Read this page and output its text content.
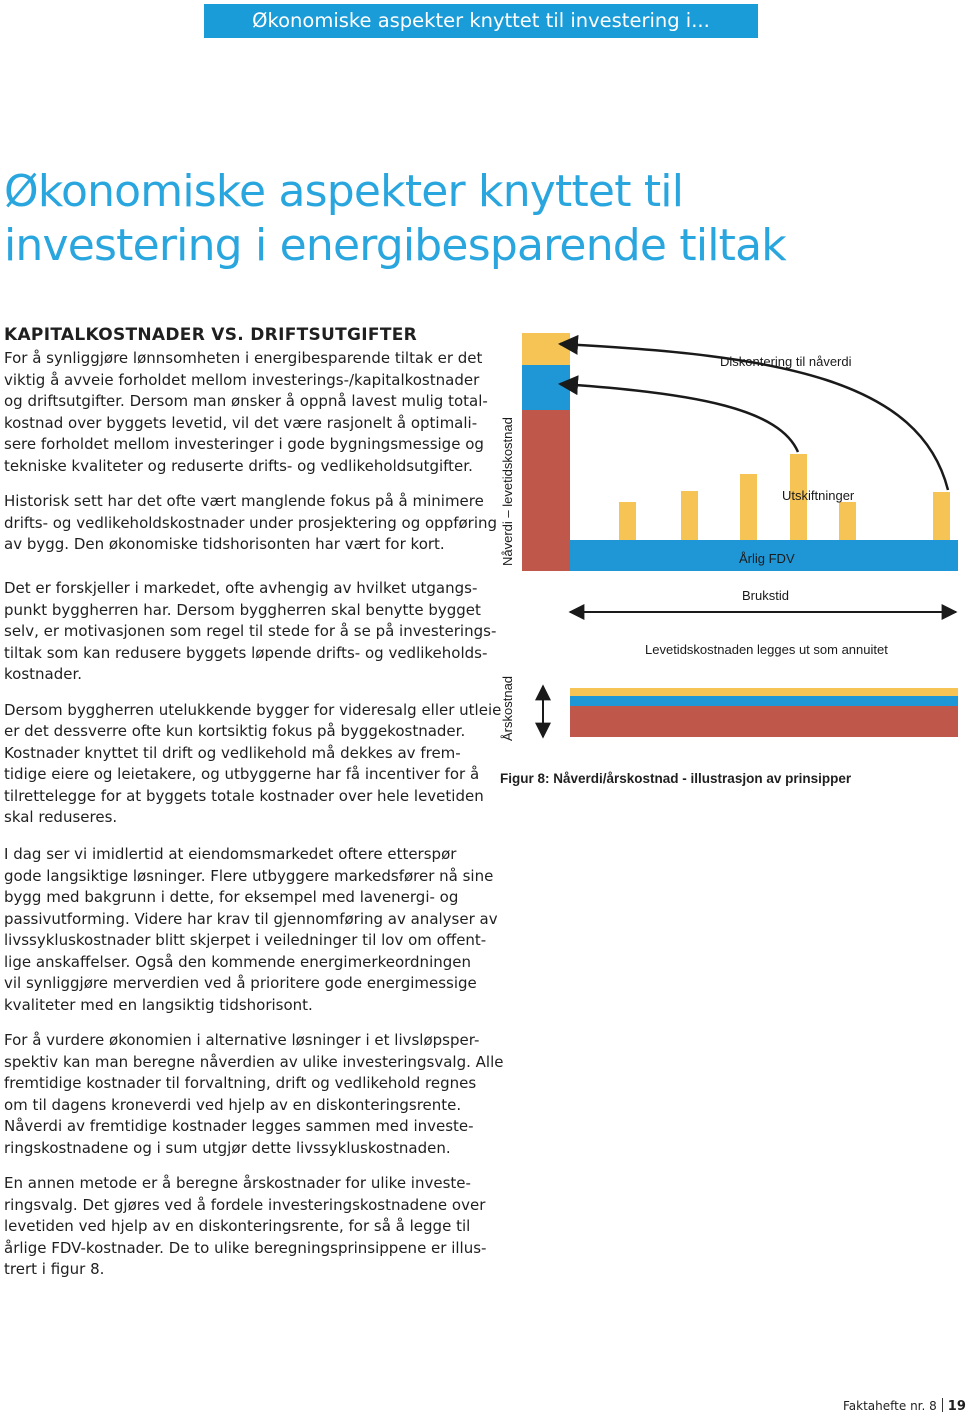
Økonomiske aspekter knyttet til investering i...
Økonomiske aspekter knyttet til
investering i energibesparende tiltak
KAPITALKOSTNADER VS. DRIFTSUTGIFTER

For å synliggjøre lønnsomheten i energibesparende tiltak er det
viktig å avveie forholdet mellom investerings-/kapitalkostnader
og driftsutgifter. Dersom man ønsker å oppnå lavest mulig total-
kostnad over byggets levetid, vil det være rasjonelt å optimali-
sere forholdet mellom investeringer i gode bygningsmessige og
tekniske kvaliteter og reduserte drifts- og vedlikeholdsutgifter.

Historisk sett har det ofte vært manglende fokus på å minimere
drifts- og vedlikeholdskostnader under prosjektering og oppføring
av bygg. Den økonomiske tidshorisonten har vært for kort.

Det er forskjeller i markedet, ofte avhengig av hvilket utgangs-
punkt byggherren har. Dersom byggherren skal benytte bygget
selv, er motivasjonen som regel til stede for å se på investerings-
tiltak som kan redusere byggets løpende drifts- og vedlikeholds-
kostnader.

Dersom byggherren utelukkende bygger for videresalg eller utleie
er det dessverre ofte kun kortsiktig fokus på byggekostnader.
Kostnader knyttet til drift og vedlikehold må dekkes av frem-
tidige eiere og leietakere, og utbyggerne har få incentiver for å
tilrettelegge for at byggets totale kostnader over hele levetiden
skal reduseres.

I dag ser vi imidlertid at eiendomsmarkedet oftere etterspør
gode langsiktige løsninger. Flere utbyggere markedsfører nå sine
bygg med bakgrunn i dette, for eksempel med lavenergi- og
passivutforming. Videre har krav til gjennomføring av analyser av
livssykluskostnader blitt skjerpet i veiledninger til lov om offent-
lige anskaffelser. Også den kommende energimerkeordningen
vil synliggjøre merverdien ved å prioritere gode energimessige
kvaliteter med en langsiktig tidshorisont.

For å vurdere økonomien i alternative løsninger i et livsløpsper-
spektiv kan man beregne nåverdien av ulike investeringsvalg. Alle
fremtidige kostnader til forvaltning, drift og vedlikehold regnes
om til dagens kroneverdi ved hjelp av en diskonteringsrente.
Nåverdi av fremtidige kostnader legges sammen med investe-
ringskostnadene og i sum utgjør dette livssykluskostnaden.

En annen metode er å beregne årskostnader for ulike investe-
ringsvalg. Det gjøres ved å fordele investeringskostnadene over
levetiden ved hjelp av en diskonteringsrente, for så å legge til
årlige FDV-kostnader. De to ulike beregningsprinsippene er illus-
trert i figur 8.

Nåverdi – levetidskostnad
Diskontering til nåverdi
Utskiftninger
Årlig FDV
Brukstid
Levetidskostnaden legges ut som annuitet
Årskostnad
Figur 8: Nåverdi/årskostnad - illustrasjon av prinsipper
Faktahefte nr. 8 19
